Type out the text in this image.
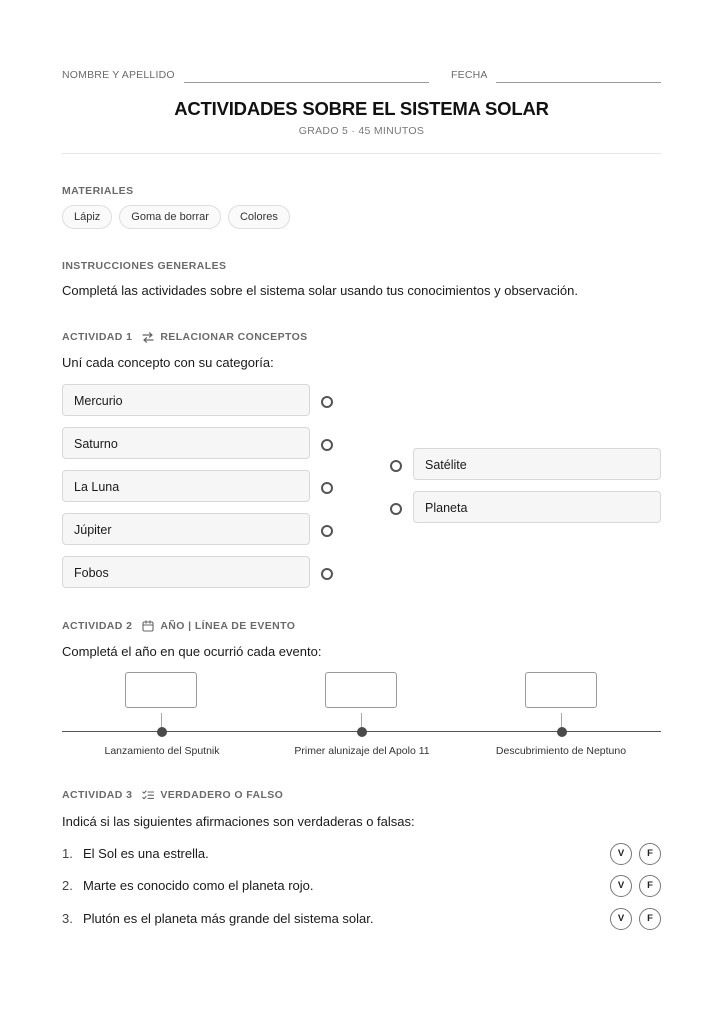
NOMBRE Y APELLIDO	FECHA
ACTIVIDADES SOBRE EL SISTEMA SOLAR
GRADO 5 · 45 MINUTOS
MATERIALES
Lápiz	Goma de borrar	Colores
INSTRUCCIONES GENERALES
Completá las actividades sobre el sistema solar usando tus conocimientos y observación.
ACTIVIDAD 1	RELACIONAR CONCEPTOS
Uní cada concepto con su categoría:
Mercurio
Saturno
La Luna
Júpiter
Fobos
Satélite
Planeta
ACTIVIDAD 2	AÑO | LÍNEA DE EVENTO
Completá el año en que ocurrió cada evento:
Lanzamiento del Sputnik	Primer alunizaje del Apolo 11	Descubrimiento de Neptuno
ACTIVIDAD 3	VERDADERO O FALSO
Indicá si las siguientes afirmaciones son verdaderas o falsas:
1. El Sol es una estrella.	V	F
2. Marte es conocido como el planeta rojo.	V	F
3. Plutón es el planeta más grande del sistema solar.	V	F
